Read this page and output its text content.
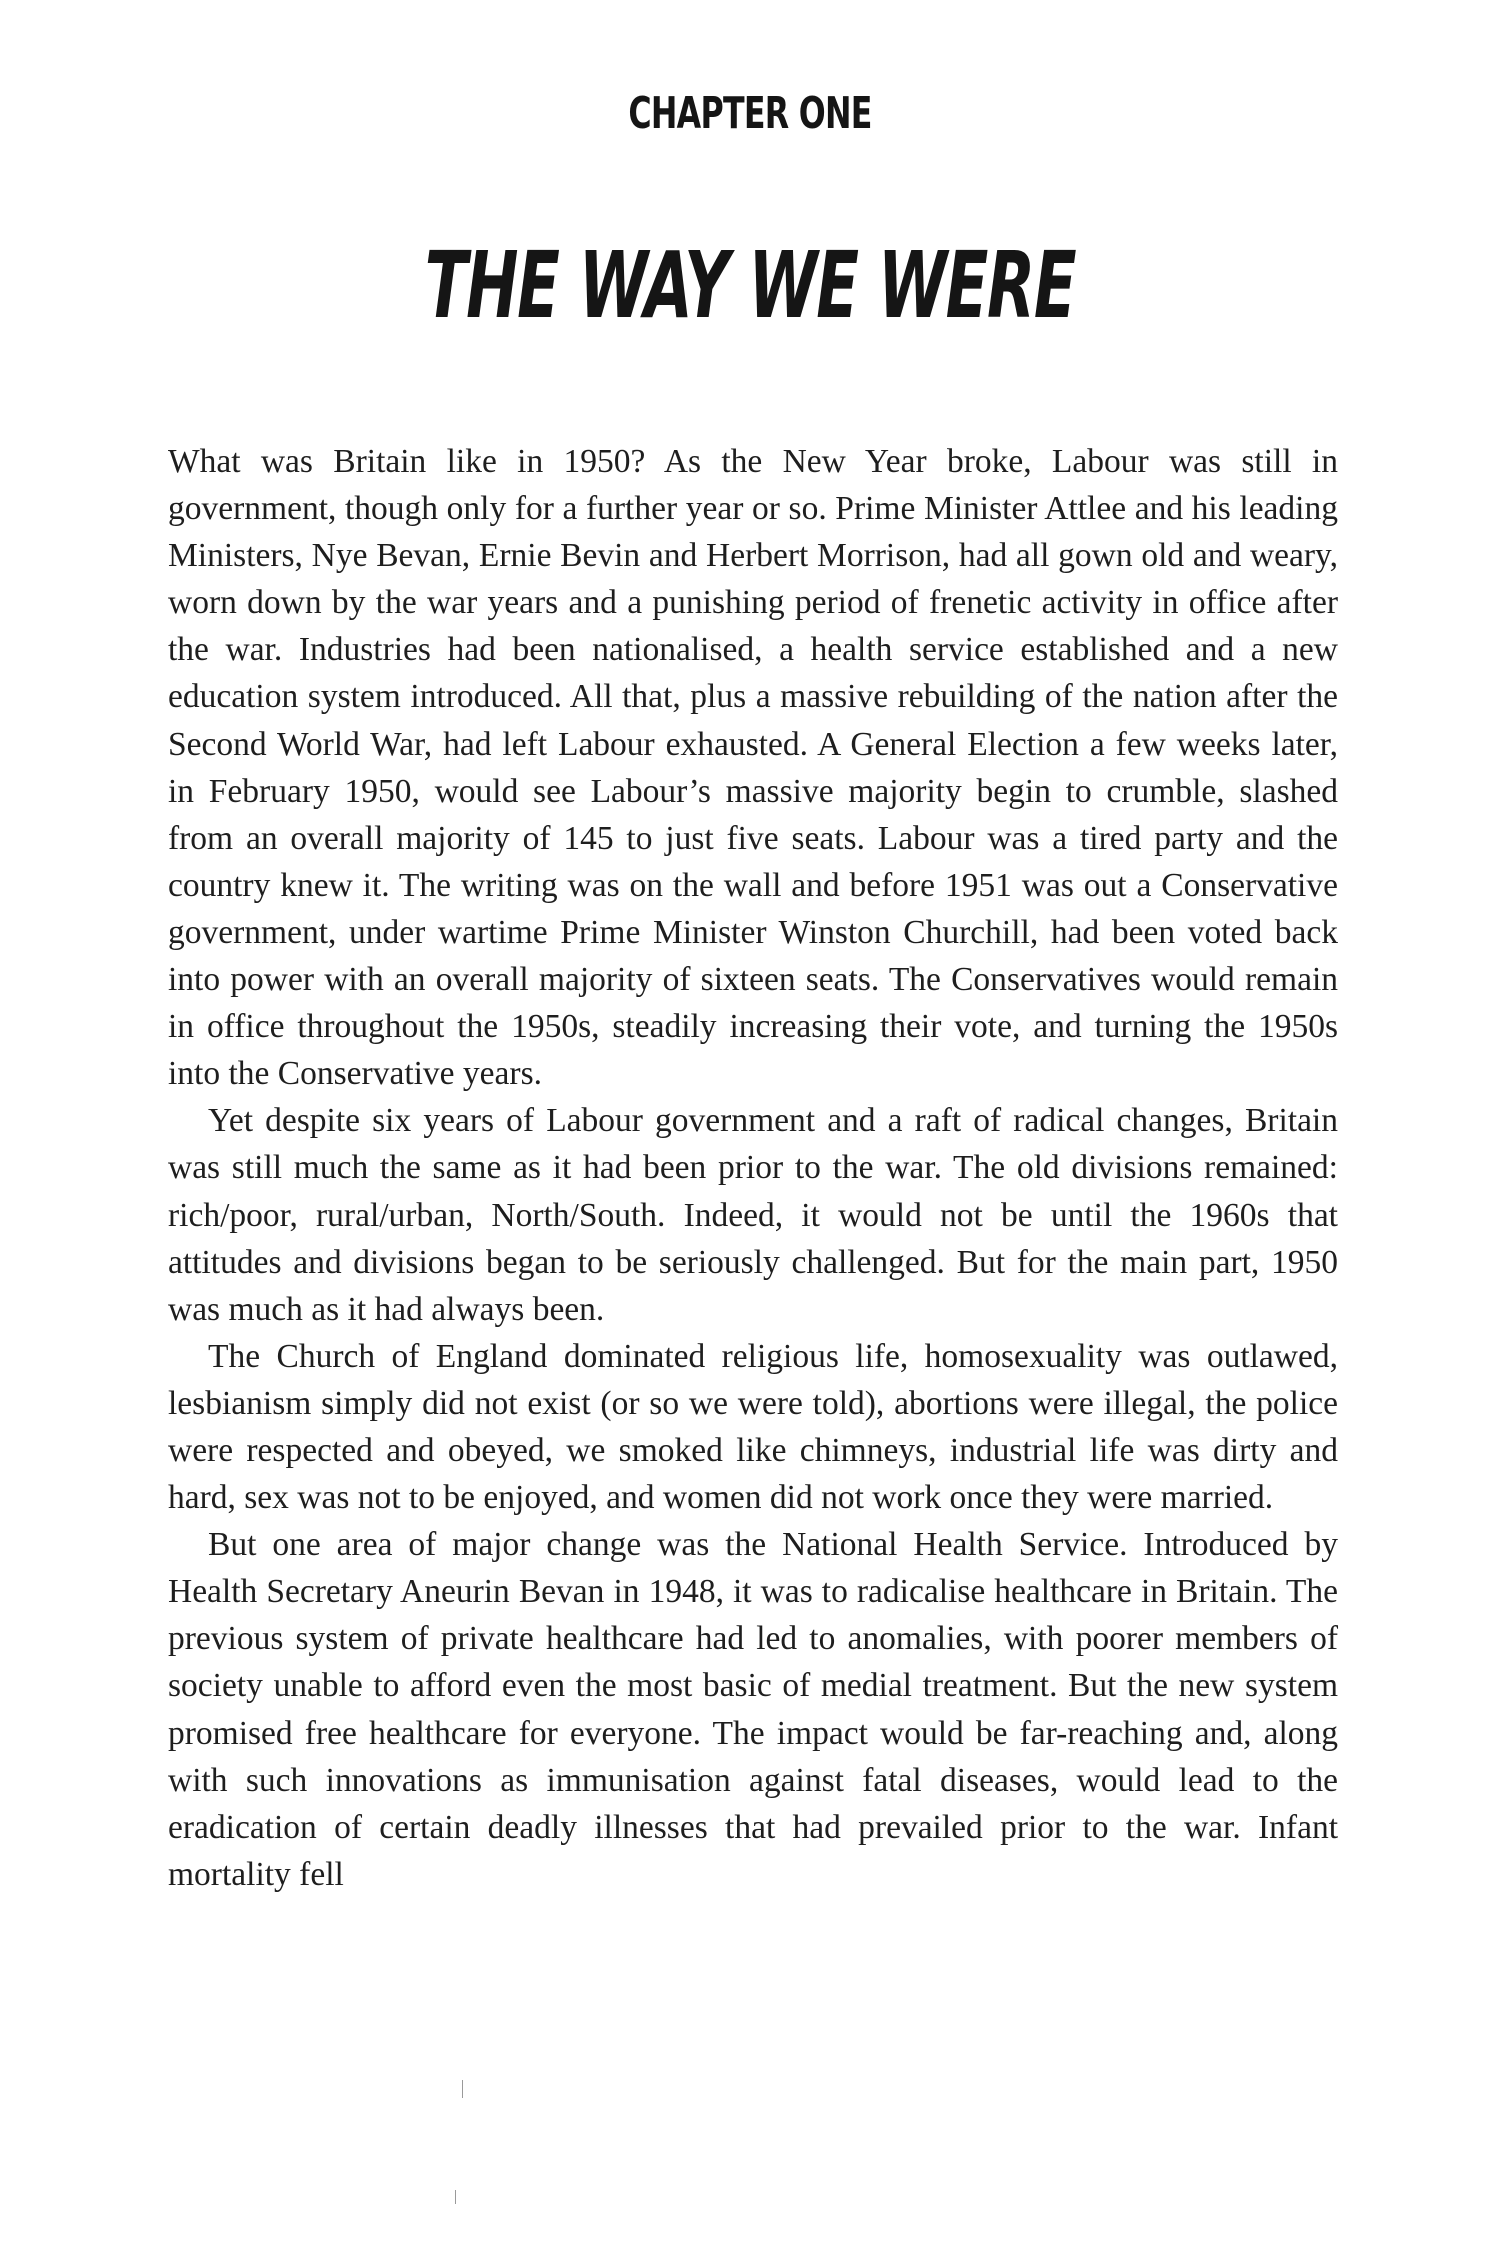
CHAPTER ONE
THE WAY WE WERE

What was Britain like in 1950? As the New Year broke, Labour was still in government, though only for a further year or so. Prime Minister Attlee and his leading Ministers, Nye Bevan, Ernie Bevin and Herbert Morrison, had all gown old and weary, worn down by the war years and a punishing period of frenetic activity in office after the war. Industries had been nationalised, a health service established and a new education system introduced. All that, plus a massive rebuilding of the nation after the Second World War, had left Labour exhausted. A General Election a few weeks later, in February 1950, would see Labour’s massive majority begin to crumble, slashed from an overall majority of 145 to just five seats. Labour was a tired party and the country knew it. The writing was on the wall and before 1951 was out a Conservative government, under wartime Prime Minister Winston Churchill, had been voted back into power with an overall majority of sixteen seats. The Conservatives would remain in office throughout the 1950s, steadily increasing their vote, and turning the 1950s into the Conservative years.

Yet despite six years of Labour government and a raft of radical changes, Britain was still much the same as it had been prior to the war. The old divisions remained: rich/poor, rural/urban, North/South. Indeed, it would not be until the 1960s that attitudes and divisions began to be seriously challenged. But for the main part, 1950 was much as it had always been.

The Church of England dominated religious life, homosexuality was outlawed, lesbianism simply did not exist (or so we were told), abortions were illegal, the police were respected and obeyed, we smoked like chimneys, industrial life was dirty and hard, sex was not to be enjoyed, and women did not work once they were married.

But one area of major change was the National Health Service. Introduced by Health Secretary Aneurin Bevan in 1948, it was to radicalise healthcare in Britain. The previous system of private healthcare had led to anomalies, with poorer members of society unable to afford even the most basic of medial treatment. But the new system promised free healthcare for everyone. The impact would be far-reaching and, along with such innovations as immunisation against fatal diseases, would lead to the eradication of certain deadly illnesses that had prevailed prior to the war. Infant mortality fell
